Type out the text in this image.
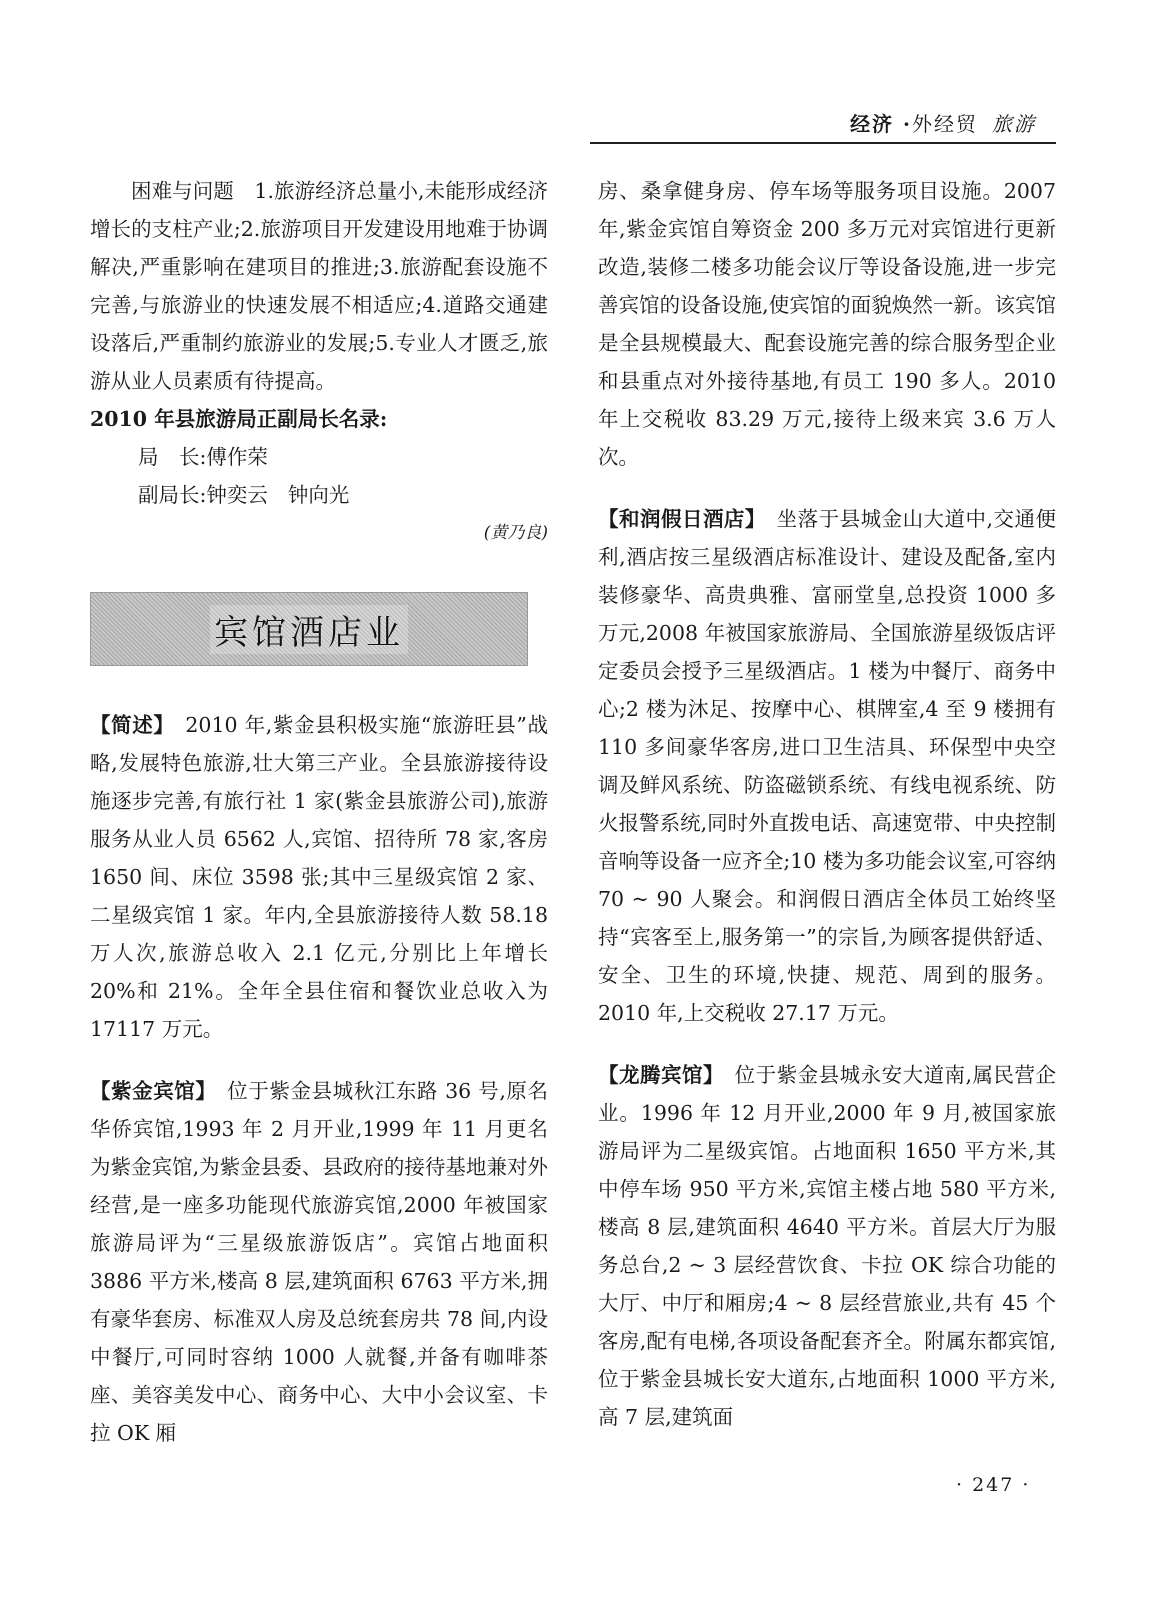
经济 ·外经贸 旅游

困难与问题　1.旅游经济总量小,未能形成经济增长的支柱产业;2.旅游项目开发建设用地难于协调解决,严重影响在建项目的推进;3.旅游配套设施不完善,与旅游业的快速发展不相适应;4.道路交通建设落后,严重制约旅游业的发展;5.专业人才匮乏,旅游从业人员素质有待提高。

2010 年县旅游局正副局长名录:

局　长:傅作荣
副局长:钟奕云 钟向光
(黄乃良)
宾馆酒店业

【简述】　2010 年,紫金县积极实施“旅游旺县”战略,发展特色旅游,壮大第三产业。全县旅游接待设施逐步完善,有旅行社 1 家(紫金县旅游公司),旅游服务从业人员 6562 人,宾馆、招待所 78 家,客房 1650 间、床位 3598 张;其中三星级宾馆 2 家、二星级宾馆 1 家。年内,全县旅游接待人数 58.18 万人次,旅游总收入 2.1 亿元,分别比上年增长 20%和 21%。全年全县住宿和餐饮业总收入为 17117 万元。

【紫金宾馆】　位于紫金县城秋江东路 36 号,原名华侨宾馆,1993 年 2 月开业,1999 年 11 月更名为紫金宾馆,为紫金县委、县政府的接待基地兼对外经营,是一座多功能现代旅游宾馆,2000 年被国家旅游局评为“三星级旅游饭店”。宾馆占地面积 3886 平方米,楼高 8 层,建筑面积 6763 平方米,拥有豪华套房、标准双人房及总统套房共 78 间,内设中餐厅,可同时容纳 1000 人就餐,并备有咖啡茶座、美容美发中心、商务中心、大中小会议室、卡拉 OK 厢

房、桑拿健身房、停车场等服务项目设施。2007 年,紫金宾馆自筹资金 200 多万元对宾馆进行更新改造,装修二楼多功能会议厅等设备设施,进一步完善宾馆的设备设施,使宾馆的面貌焕然一新。该宾馆是全县规模最大、配套设施完善的综合服务型企业和县重点对外接待基地,有员工 190 多人。2010 年上交税收 83.29 万元,接待上级来宾 3.6 万人次。

【和润假日酒店】　坐落于县城金山大道中,交通便利,酒店按三星级酒店标准设计、建设及配备,室内装修豪华、高贵典雅、富丽堂皇,总投资 1000 多万元,2008 年被国家旅游局、全国旅游星级饭店评定委员会授予三星级酒店。1 楼为中餐厅、商务中心;2 楼为沐足、按摩中心、棋牌室,4 至 9 楼拥有 110 多间豪华客房,进口卫生洁具、环保型中央空调及鲜风系统、防盗磁锁系统、有线电视系统、防火报警系统,同时外直拨电话、高速宽带、中央控制音响等设备一应齐全;10 楼为多功能会议室,可容纳 70 ~ 90 人聚会。和润假日酒店全体员工始终坚持“宾客至上,服务第一”的宗旨,为顾客提供舒适、安全、卫生的环境,快捷、规范、周到的服务。2010 年,上交税收 27.17 万元。

【龙腾宾馆】　位于紫金县城永安大道南,属民营企业。1996 年 12 月开业,2000 年 9 月,被国家旅游局评为二星级宾馆。占地面积 1650 平方米,其中停车场 950 平方米,宾馆主楼占地 580 平方米,楼高 8 层,建筑面积 4640 平方米。首层大厅为服务总台,2 ~ 3 层经营饮食、卡拉 OK 综合功能的大厅、中厅和厢房;4 ~ 8 层经营旅业,共有 45 个客房,配有电梯,各项设备配套齐全。附属东都宾馆,位于紫金县城长安大道东,占地面积 1000 平方米,高 7 层,建筑面

· 247 ·
